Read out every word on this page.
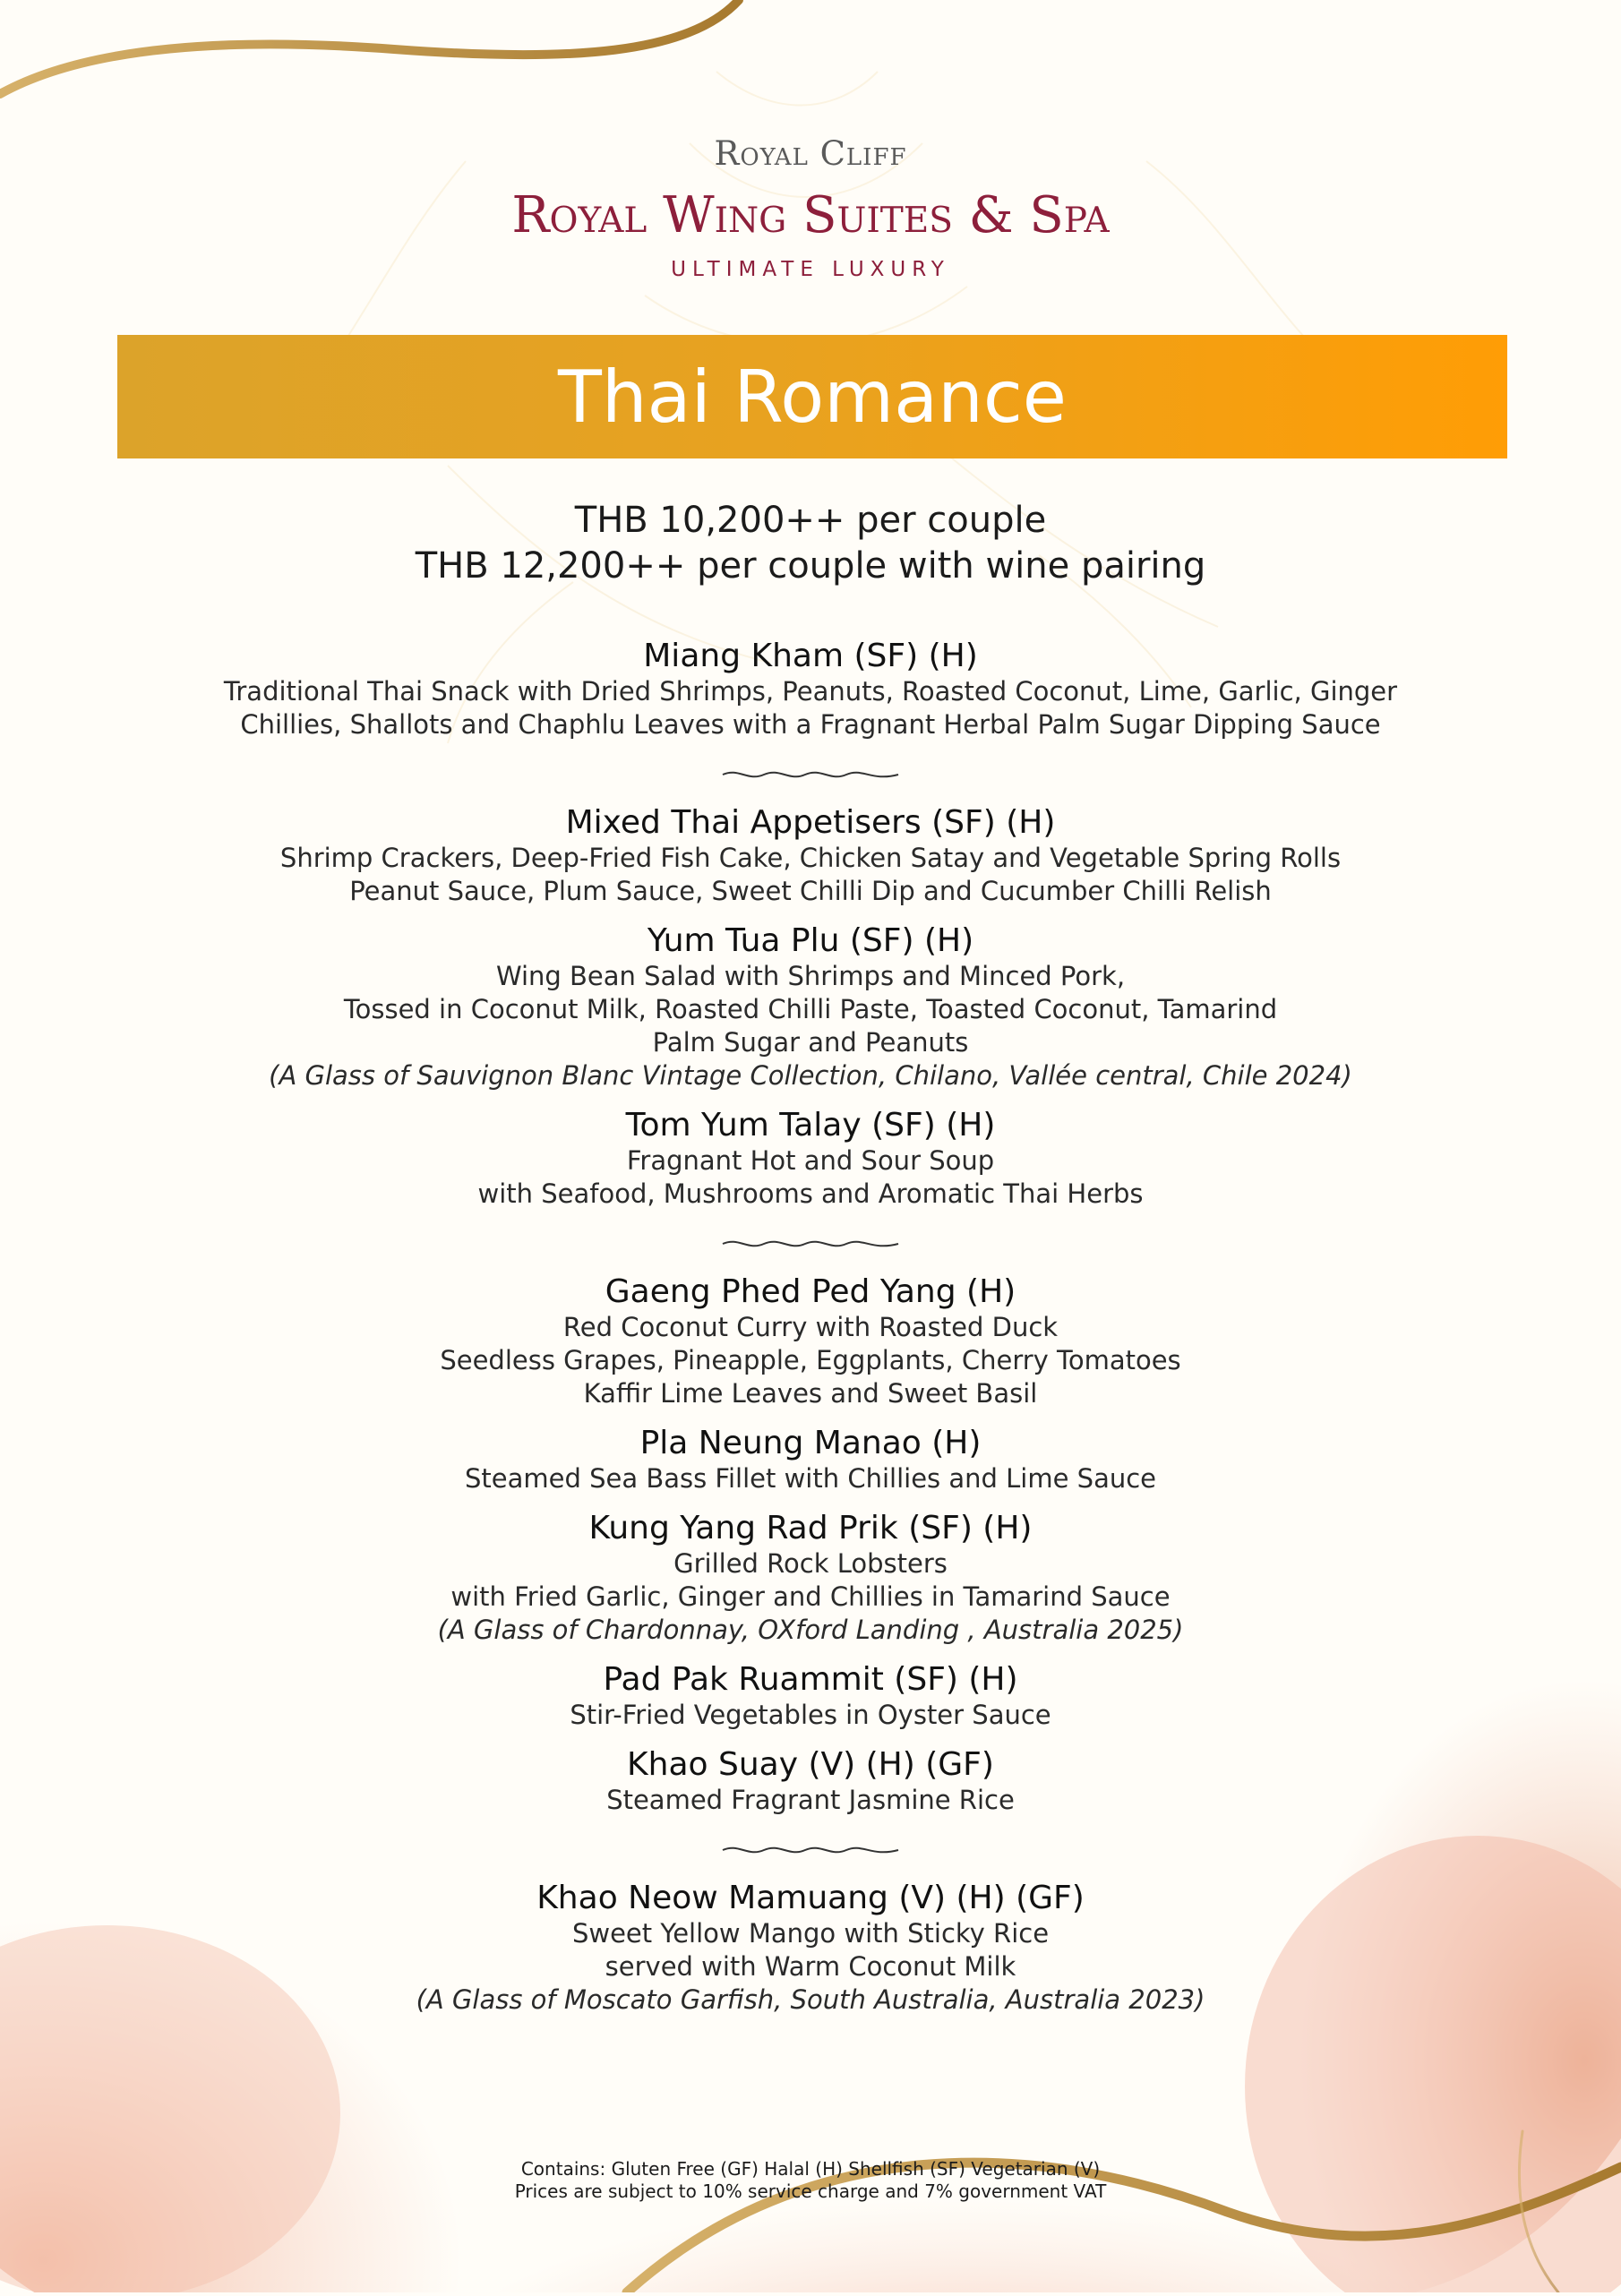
Royal Cliff
Royal Wing Suites & Spa
ULTIMATE LUXURY
Thai Romance
THB 10,200++ per couple
THB 12,200++ per couple with wine pairing
Miang Kham (SF) (H)
Traditional Thai Snack with Dried Shrimps, Peanuts, Roasted Coconut, Lime, Garlic, Ginger
Chillies, Shallots and Chaphlu Leaves with a Fragnant Herbal Palm Sugar Dipping Sauce
Mixed Thai Appetisers (SF) (H)
Shrimp Crackers, Deep-Fried Fish Cake, Chicken Satay and Vegetable Spring Rolls
Peanut Sauce, Plum Sauce, Sweet Chilli Dip and Cucumber Chilli Relish
Yum Tua Plu (SF) (H)
Wing Bean Salad with Shrimps and Minced Pork,
Tossed in Coconut Milk, Roasted Chilli Paste, Toasted Coconut, Tamarind
Palm Sugar and Peanuts
(A Glass of Sauvignon Blanc Vintage Collection, Chilano, Vallée central, Chile 2024)
Tom Yum Talay (SF) (H)
Fragnant Hot and Sour Soup
with Seafood, Mushrooms and Aromatic Thai Herbs
Gaeng Phed Ped Yang (H)
Red Coconut Curry with Roasted Duck
Seedless Grapes, Pineapple, Eggplants, Cherry Tomatoes
Kaffir Lime Leaves and Sweet Basil
Pla Neung Manao (H)
Steamed Sea Bass Fillet with Chillies and Lime Sauce
Kung Yang Rad Prik (SF) (H)
Grilled Rock Lobsters
with Fried Garlic, Ginger and Chillies in Tamarind Sauce
(A Glass of Chardonnay, OXford Landing , Australia 2025)
Pad Pak Ruammit (SF) (H)
Stir-Fried Vegetables in Oyster Sauce
Khao Suay (V) (H) (GF)
Steamed Fragrant Jasmine Rice
Khao Neow Mamuang (V) (H) (GF)
Sweet Yellow Mango with Sticky Rice
served with Warm Coconut Milk
(A Glass of Moscato Garfish, South Australia, Australia 2023)
Contains: Gluten Free (GF) Halal (H) Shellfish (SF) Vegetarian (V)
Prices are subject to 10% service charge and 7% government VAT
